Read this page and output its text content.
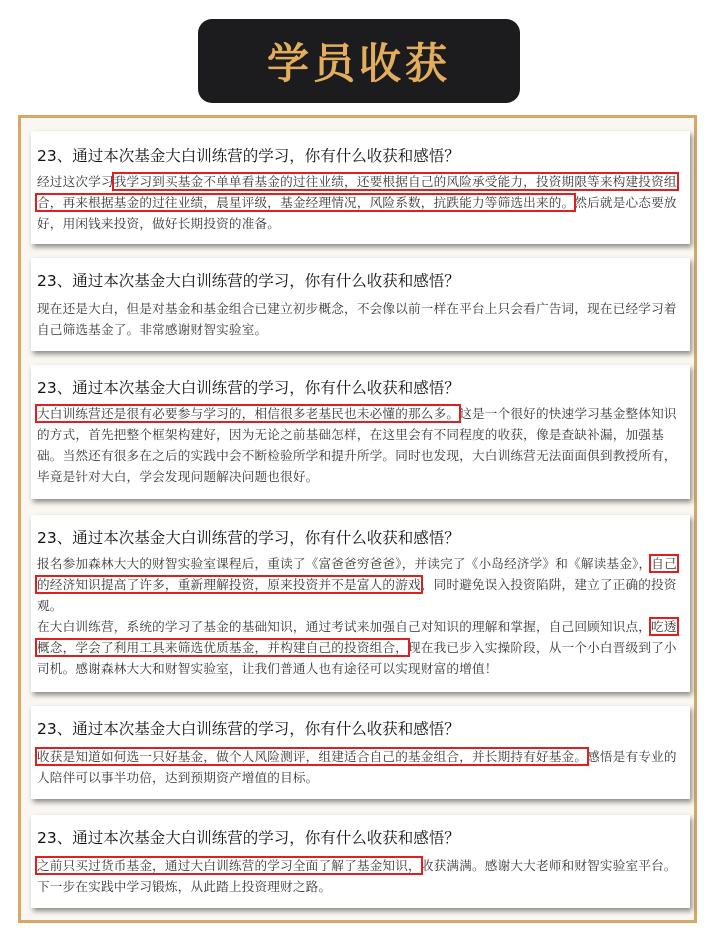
学员收获

23、通过本次基金大白训练营的学习，你有什么收获和感悟？

经过这次学习我学习到买基金不单单看基金的过往业绩，还要根据自己的风险承受能力，投资期限等来构建投资组合，再来根据基金的过往业绩，晨星评级，基金经理情况，风险系数，抗跌能力等筛选出来的。然后就是心态要放好，用闲钱来投资，做好长期投资的准备。

23、通过本次基金大白训练营的学习，你有什么收获和感悟？

现在还是大白，但是对基金和基金组合已建立初步概念，不会像以前一样在平台上只会看广告词，现在已经学习着自己筛选基金了。非常感谢财智实验室。

23、通过本次基金大白训练营的学习，你有什么收获和感悟？

大白训练营还是很有必要参与学习的，相信很多老基民也未必懂的那么多。这是一个很好的快速学习基金整体知识的方式，首先把整个框架构建好，因为无论之前基础怎样，在这里会有不同程度的收获，像是查缺补漏，加强基础。当然还有很多在之后的实践中会不断检验所学和提升所学。同时也发现，大白训练营无法面面俱到教授所有，毕竟是针对大白，学会发现问题解决问题也很好。

23、通过本次基金大白训练营的学习，你有什么收获和感悟？

报名参加森林大大的财智实验室课程后，重读了《富爸爸穷爸爸》，并读完了《小岛经济学》和《解读基金》，自己的经济知识提高了许多，重新理解投资，原来投资并不是富人的游戏，同时避免误入投资陷阱，建立了正确的投资观。

在大白训练营，系统的学习了基金的基础知识，通过考试来加强自己对知识的理解和掌握，自己回顾知识点，吃透概念，学会了利用工具来筛选优质基金，并构建自己的投资组合，现在我已步入实操阶段，从一个小白晋级到了小司机。感谢森林大大和财智实验室，让我们普通人也有途径可以实现财富的增值！

23、通过本次基金大白训练营的学习，你有什么收获和感悟？

收获是知道如何选一只好基金，做个人风险测评，组建适合自己的基金组合，并长期持有好基金。感悟是有专业的人陪伴可以事半功倍，达到预期资产增值的目标。

23、通过本次基金大白训练营的学习，你有什么收获和感悟？

之前只买过货币基金，通过大白训练营的学习全面了解了基金知识，收获满满。感谢大大老师和财智实验室平台。下一步在实践中学习锻炼，从此踏上投资理财之路。
